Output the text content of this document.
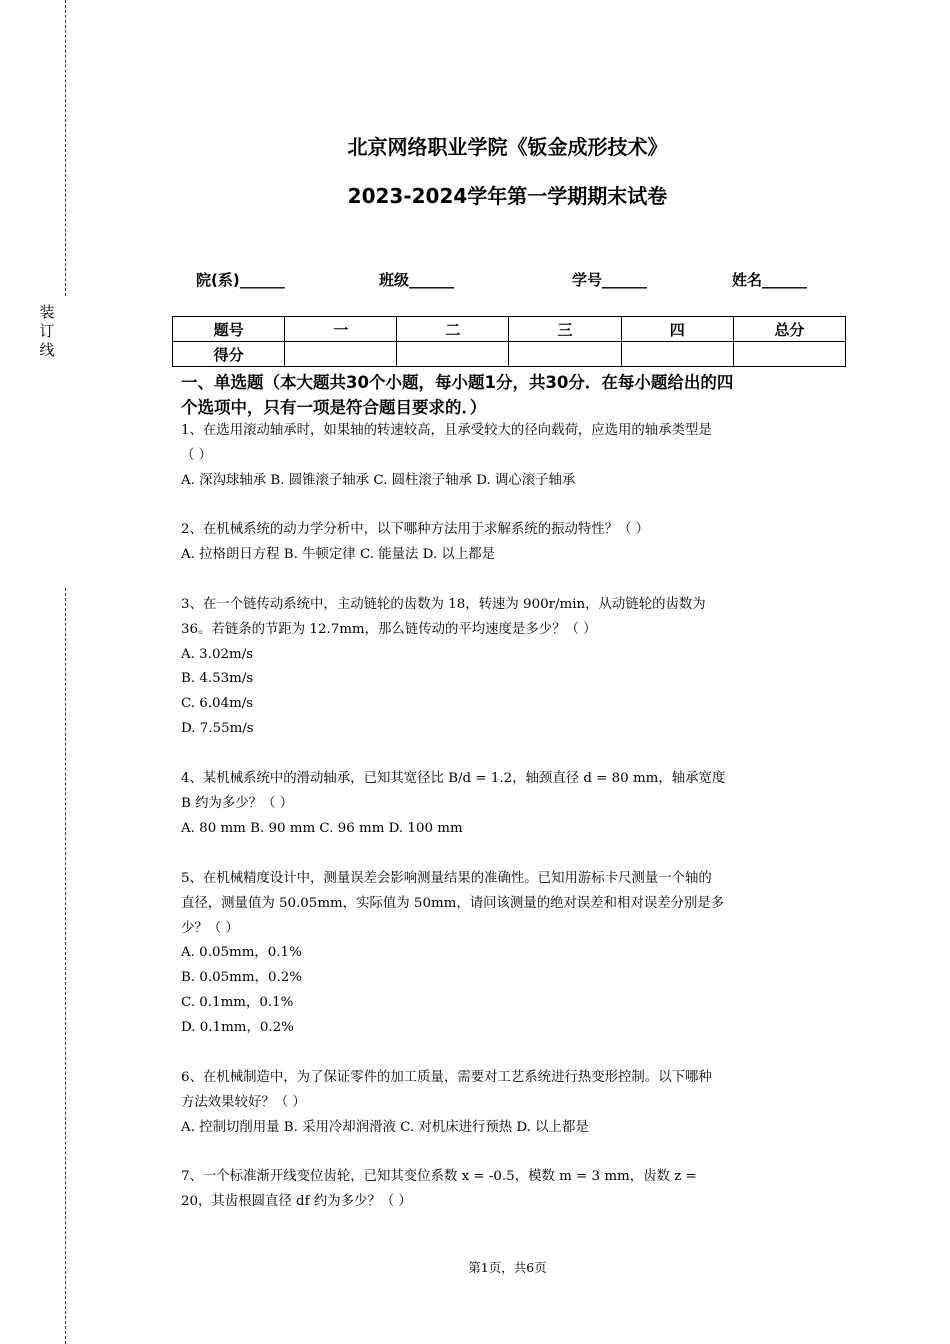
装订线
北京网络职业学院《钣金成形技术》
2023-2024学年第一学期期末试卷
院(系)______	班级______	学号______	姓名______
题号	一	二	三	四	总分
得分					
一、单选题（本大题共30个小题，每小题1分，共30分．在每小题给出的四
个选项中，只有一项是符合题目要求的．）
1、在选用滚动轴承时，如果轴的转速较高，且承受较大的径向载荷，应选用的轴承类型是
（ ）
A. 深沟球轴承 B. 圆锥滚子轴承 C. 圆柱滚子轴承 D. 调心滚子轴承
2、在机械系统的动力学分析中，以下哪种方法用于求解系统的振动特性？（ ）
A. 拉格朗日方程 B. 牛顿定律 C. 能量法 D. 以上都是
3、在一个链传动系统中，主动链轮的齿数为 18，转速为 900r/min，从动链轮的齿数为
36。若链条的节距为 12.7mm，那么链传动的平均速度是多少？（ ）
A. 3.02m/s
B. 4.53m/s
C. 6.04m/s
D. 7.55m/s
4、某机械系统中的滑动轴承，已知其宽径比 B/d = 1.2，轴颈直径 d = 80 mm，轴承宽度
B 约为多少？（ ）
A. 80 mm B. 90 mm C. 96 mm D. 100 mm
5、在机械精度设计中，测量误差会影响测量结果的准确性。已知用游标卡尺测量一个轴的
直径，测量值为 50.05mm，实际值为 50mm，请问该测量的绝对误差和相对误差分别是多
少？（ ）
A. 0.05mm，0.1%
B. 0.05mm，0.2%
C. 0.1mm，0.1%
D. 0.1mm，0.2%
6、在机械制造中，为了保证零件的加工质量，需要对工艺系统进行热变形控制。以下哪种
方法效果较好？（ ）
A. 控制切削用量 B. 采用冷却润滑液 C. 对机床进行预热 D. 以上都是
7、一个标准渐开线变位齿轮，已知其变位系数 x = -0.5，模数 m = 3 mm，齿数 z =
20，其齿根圆直径 df 约为多少？（ ）
第1页，共6页
